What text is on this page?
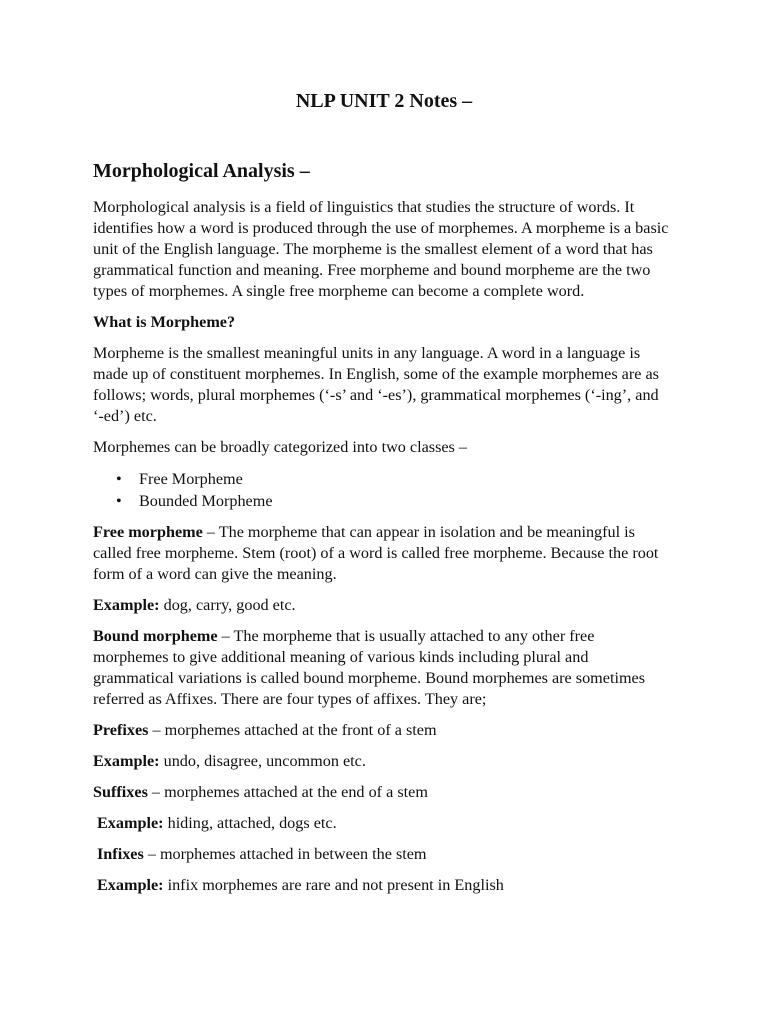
NLP UNIT 2 Notes –
Morphological Analysis –

Morphological analysis is a field of linguistics that studies the structure of words. It identifies how a word is produced through the use of morphemes. A morpheme is a basic unit of the English language. The morpheme is the smallest element of a word that has grammatical function and meaning. Free morpheme and bound morpheme are the two types of morphemes. A single free morpheme can become a complete word.

What is Morpheme?

Morpheme is the smallest meaningful units in any language. A word in a language is made up of constituent morphemes. In English, some of the example morphemes are as follows; words, plural morphemes (‘-s’ and ‘-es’), grammatical morphemes (‘-ing’, and ‘-ed’) etc.

Morphemes can be broadly categorized into two classes –

• Free Morpheme
• Bounded Morpheme

Free morpheme – The morpheme that can appear in isolation and be meaningful is called free morpheme. Stem (root) of a word is called free morpheme. Because the root form of a word can give the meaning.

Example: dog, carry, good etc.

Bound morpheme – The morpheme that is usually attached to any other free morphemes to give additional meaning of various kinds including plural and grammatical variations is called bound morpheme. Bound morphemes are sometimes referred as Affixes. There are four types of affixes. They are;

Prefixes – morphemes attached at the front of a stem

Example: undo, disagree, uncommon etc.

Suffixes – morphemes attached at the end of a stem

Example: hiding, attached, dogs etc.

Infixes – morphemes attached in between the stem

Example: infix morphemes are rare and not present in English
